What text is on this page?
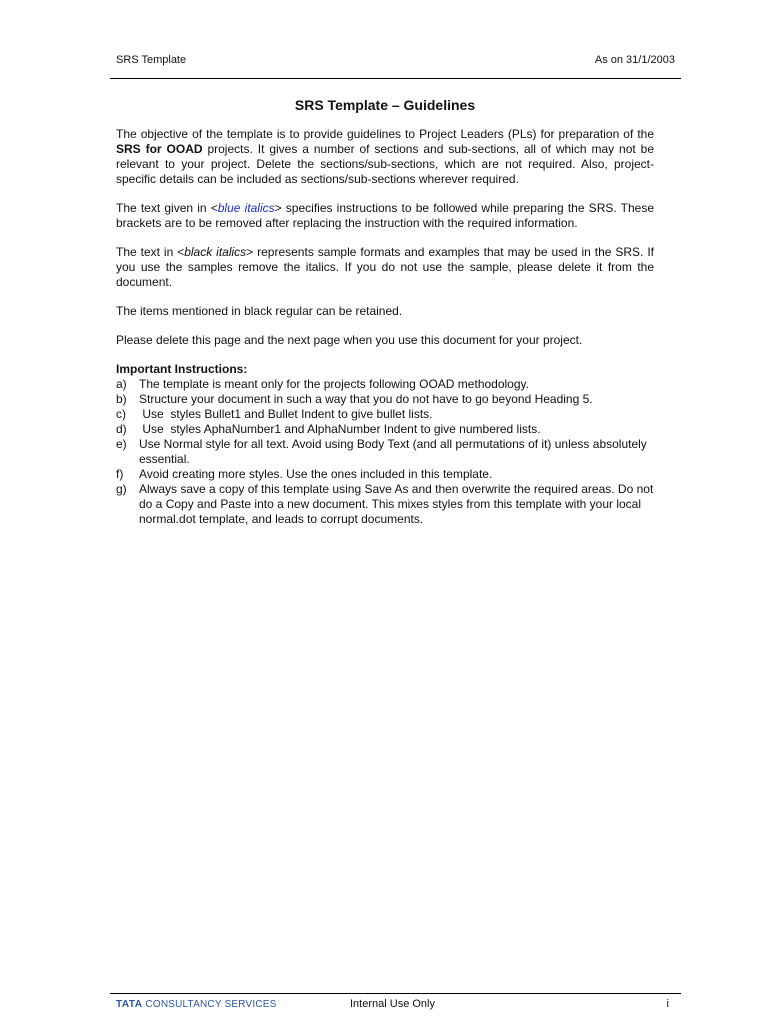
SRS Template	As on 31/1/2003
SRS Template – Guidelines

The objective of the template is to provide guidelines to Project Leaders (PLs) for preparation of the SRS for OOAD projects. It gives a number of sections and sub-sections, all of which may not be relevant to your project. Delete the sections/sub-sections, which are not required. Also, project-specific details can be included as sections/sub-sections wherever required.

The text given in <blue italics> specifies instructions to be followed while preparing the SRS. These brackets are to be removed after replacing the instruction with the required information.

The text in <black italics> represents sample formats and examples that may be used in the SRS. If you use the samples remove the italics. If you do not use the sample, please delete it from the document.

The items mentioned in black regular can be retained.

Please delete this page and the next page when you use this document for your project.

Important Instructions:

a)	The template is meant only for the projects following OOAD methodology.
b)	Structure your document in such a way that you do not have to go beyond Heading 5.
c)	Use  styles Bullet1 and Bullet Indent to give bullet lists.
d)	Use  styles AphaNumber1 and AlphaNumber Indent to give numbered lists.
e)	Use Normal style for all text. Avoid using Body Text (and all permutations of it) unless absolutely essential.
f)	Avoid creating more styles. Use the ones included in this template.
g)	Always save a copy of this template using Save As and then overwrite the required areas. Do not do a Copy and Paste into a new document. This mixes styles from this template with your local normal.dot template, and leads to corrupt documents.
TATA CONSULTANCY SERVICES	Internal Use Only	i
